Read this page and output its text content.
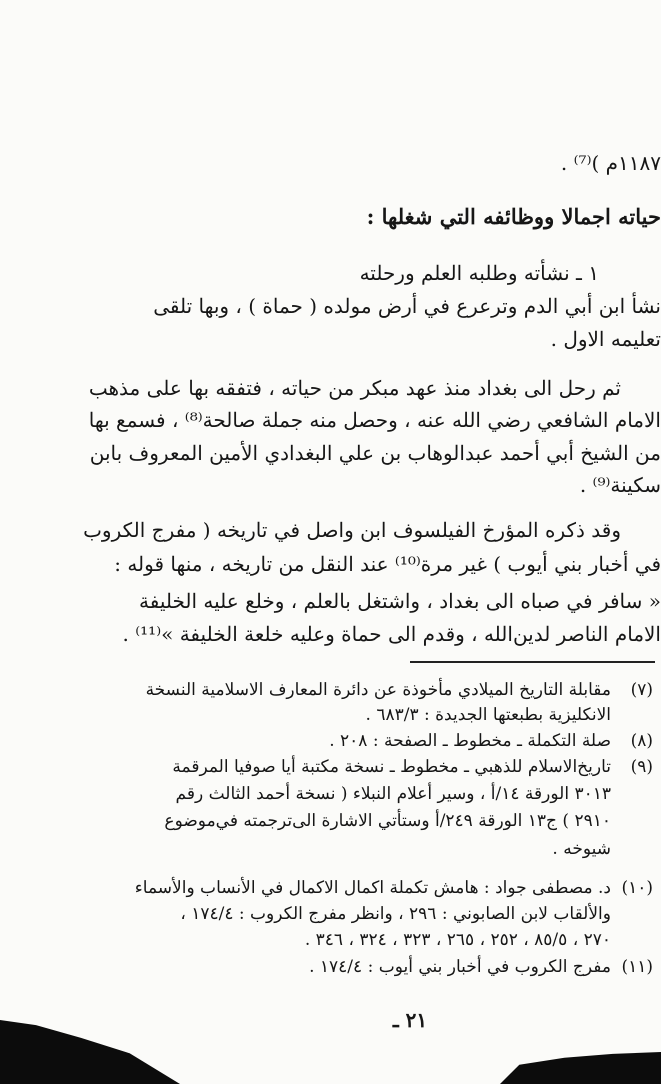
١١٨٧م )⁽⁷⁾ .
حياته اجمالا ووظائفه التي شغلها :
١ ـ نشأته وطلبه العلم ورحلته
نشأ ابن أبي الدم وترعرع في أرض مولده ( حماة ) ، وبها تلقى
تعليمه الاول .
ثم رحل الى بغداد منذ عهد مبكر من حياته ، فتفقه بها على مذهب
الامام الشافعي رضي الله عنه ، وحصل منه جملة صالحة⁽⁸⁾ ، فسمع بها
من الشيخ أبي أحمد عبدالوهاب بن علي البغدادي الأمين المعروف بابن
سكينة⁽⁹⁾ .
وقد ذكره المؤرخ الفيلسوف ابن واصل في تاريخه ( مفرج الكروب
في أخبار بني أيوب ) غير مرة⁽¹⁰⁾ عند النقل من تاريخه ، منها قوله :
« سافر في صباه الى بغداد ، واشتغل بالعلم ، وخلع عليه الخليفة
الامام الناصر لدين‌الله ، وقدم الى حماة وعليه خلعة الخليفة »⁽¹¹⁾ .
(٧)
مقابلة التاريخ الميلادي مأخوذة عن دائرة المعارف الاسلامية النسخة
الانكليزية بطبعتها الجديدة : ٦٨٣/٣ .
(٨)
صلة التكملة ـ مخطوط ـ الصفحة : ٢٠٨ .
(٩)
تاريخ‌الاسلام للذهبي ـ مخطوط ـ نسخة مكتبة أيا صوفيا المرقمة
٣٠١٣ الورقة ١٤/أ ، وسير أعلام النبلاء ( نسخة أحمد الثالث رقم
٢٩١٠ ) ج١٣ الورقة ٢٤٩/أ وستأتي الاشارة الى‌ترجمته في‌موضوع
شيوخه .
(١٠)
د. مصطفى جواد : هامش تكملة اكمال الاكمال في الأنساب والأسماء
والألقاب لابن الصابوني : ٢٩٦ ، وانظر مفرج الكروب : ١٧٤/٤ ،
٢٧٠ ، ٨٥/٥ ، ٢٥٢ ، ٢٦٥ ، ٣٢٣ ، ٣٢٤ ، ٣٤٦ .
(١١)
مفرج الكروب في أخبار بني أيوب : ١٧٤/٤ .
٢١ ـ
